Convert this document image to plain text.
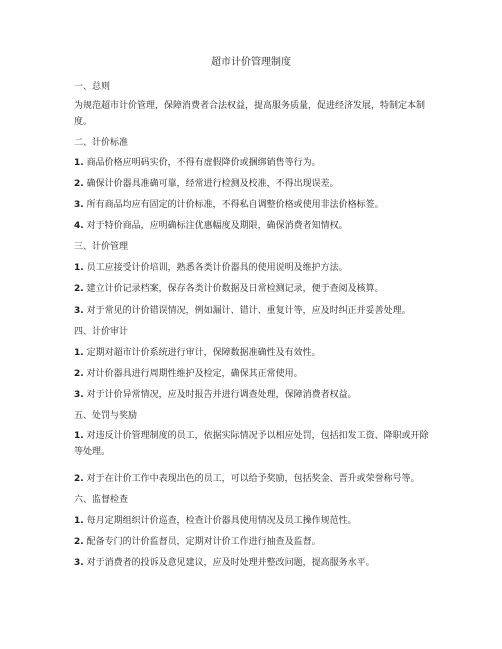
超市计价管理制度
一、总则
为规范超市计价管理，保障消费者合法权益，提高服务质量，促进经济发展，特制定本制度。
二、计价标准
1. 商品价格应明码实价，不得有虚假降价或捆绑销售等行为。
2. 确保计价器具准确可靠，经常进行检测及校准，不得出现误差。
3. 所有商品均应有固定的计价标准，不得私自调整价格或使用非法价格标签。
4. 对于特价商品，应明确标注优惠幅度及期限，确保消费者知情权。
三、计价管理
1. 员工应接受计价培训，熟悉各类计价器具的使用说明及维护方法。
2. 建立计价记录档案，保存各类计价数据及日常检测记录，便于查阅及核算。
3. 对于常见的计价错误情况，例如漏计、错计、重复计等，应及时纠正并妥善处理。
四、计价审计
1. 定期对超市计价系统进行审计，保障数据准确性及有效性。
2. 对计价器具进行周期性维护及检定，确保其正常使用。
3. 对于计价异常情况，应及时报告并进行调查处理，保障消费者权益。
五、处罚与奖励
1. 对违反计价管理制度的员工，依据实际情况予以相应处罚，包括扣发工资、降职或开除等处理。
2. 对于在计价工作中表现出色的员工，可以给予奖励，包括奖金、晋升或荣誉称号等。
六、监督检查
1. 每月定期组织计价巡查，检查计价器具使用情况及员工操作规范性。
2. 配备专门的计价监督员，定期对计价工作进行抽查及监督。
3. 对于消费者的投诉及意见建议，应及时处理并整改问题，提高服务水平。
